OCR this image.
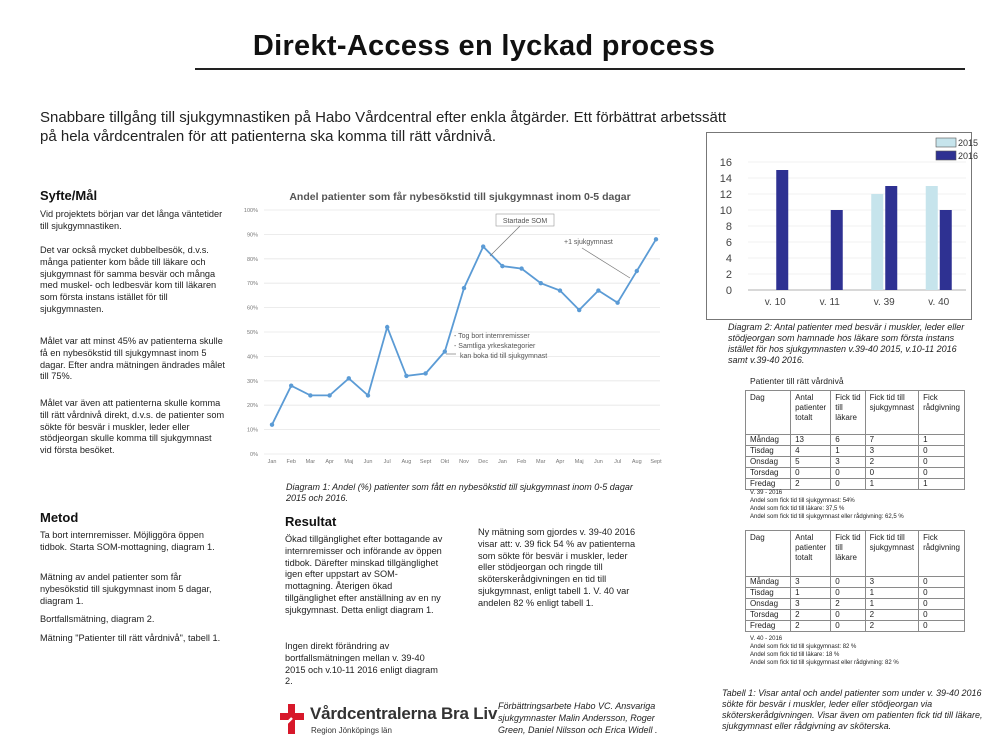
Direkt-Access en lyckad process
Snabbare tillgång till sjukgymnastiken på Habo Vårdcentral efter enkla åtgärder. Ett förbättrat arbetssätt på hela vårdcentralen för att patienterna ska komma till rätt vårdnivå.
Syfte/Mål
Vid projektets början var det långa väntetider till sjukgymnastiken.
Det var också mycket dubbelbesök, d.v.s. många patienter kom både till läkare och sjukgymnast för samma besvär och många med muskel- och ledbesvär kom till läkaren som första instans istället för till sjukgymnasten.
Målet var att minst 45% av patienterna skulle få en nybesökstid till sjukgymnast inom 5 dagar. Efter andra mätningen ändrades målet till 75%.
Målet var även att patienterna skulle komma till rätt vårdnivå direkt, d.v.s. de patienter som sökte för besvär i muskler, leder eller stödjeorgan skulle komma till sjukgymnast vid första besöket.
Metod
Ta bort internremisser. Möjliggöra öppen tidbok. Starta SOM-mottagning, diagram 1.
Mätning av andel patienter som får nybesökstid till sjukgymnast inom 5 dagar, diagram 1.
Bortfallsmätning, diagram 2.
Mätning "Patienter till rätt vårdnivå", tabell 1.
Andel patienter som får nybesökstid till sjukgymnast inom 0-5 dagar
0%
10%
20%
30%
40%
50%
60%
70%
80%
90%
100%
Jan Feb Mar Apr Maj Jun Jul Aug Sept Okt Nov Dec Jan Feb Mar Apr Maj Jun Jul Aug Sept
Startade SOM
+1 sjukgymnast
- Tog bort internremisser
- Samtliga yrkeskategorier
kan boka tid till sjukgymnast
Diagram 1: Andel (%) patienter som fått en nybesökstid till sjukgymnast inom 0-5 dagar 2015 och 2016.
Resultat
Ökad tillgänglighet efter bottagande av internremisser och införande av öppen tidbok. Därefter minskad tillgänglighet igen efter uppstart av SOM-mottagning. Återigen ökad tillgänglighet efter anställning av en ny sjukgymnast. Detta enligt diagram 1.
Ingen direkt förändring av bortfallsmätningen mellan v. 39-40 2015 och v.10-11 2016 enligt diagram 2.
Ny mätning som gjordes v. 39-40 2016 visar att: v. 39 fick 54 % av patienterna som sökte för besvär i muskler, leder eller stödjeorgan och ringde till sköterskerådgivningen en tid till sjukgymnast, enligt tabell 1. V. 40 var andelen 82 % enligt tabell 1.
Vårdcentralerna Bra Liv
Region Jönköpings län
Förbättringsarbete Habo VC. Ansvariga sjukgymnaster Malin Andersson, Roger Green, Daniel Nilsson och Erica Widell .
0
2
4
6
8
10
12
14
16
v. 10	v. 11	v. 39	v. 40
2015
2016
Diagram 2: Antal patienter med besvär i muskler, leder eller stödjeorgan som hamnade hos läkare som första instans istället för hos sjukgymnasten v.39-40 2015, v.10-11 2016 samt v.39-40 2016.
Patienter till rätt vårdnivå
Dag	Antal patienter totalt	Fick tid till läkare	Fick tid till sjukgymnast	Fick rådgivning
Måndag	13	6	7	1
Tisdag	4	1	3	0
Onsdag	5	3	2	0
Torsdag	0	0	0	0
Fredag	2	0	1	1
V. 39 - 2016
Andel som fick tid till sjukgymnast: 54%
Andel som fick tid till läkare: 37,5 %
Andel som fick tid till sjukgymnast eller rådgivning: 62,5 %
Dag	Antal patienter totalt	Fick tid till läkare	Fick tid till sjukgymnast	Fick rådgivning
Måndag	3	0	3	0
Tisdag	1	0	1	0
Onsdag	3	2	1	0
Torsdag	2	0	2	0
Fredag	2	0	2	0
V. 40 - 2016
Andel som fick tid till sjukgymnast: 82 %
Andel som fick tid till läkare: 18 %
Andel som fick tid till sjukgymnast eller rådgivning: 82 %
Tabell 1: Visar antal och andel patienter som under v. 39-40 2016 sökte för besvär i muskler, leder eller stödjeorgan via sköterskerådgivningen. Visar även om patienten fick tid till läkare, sjukgymnast eller rådgivning av sköterska.
